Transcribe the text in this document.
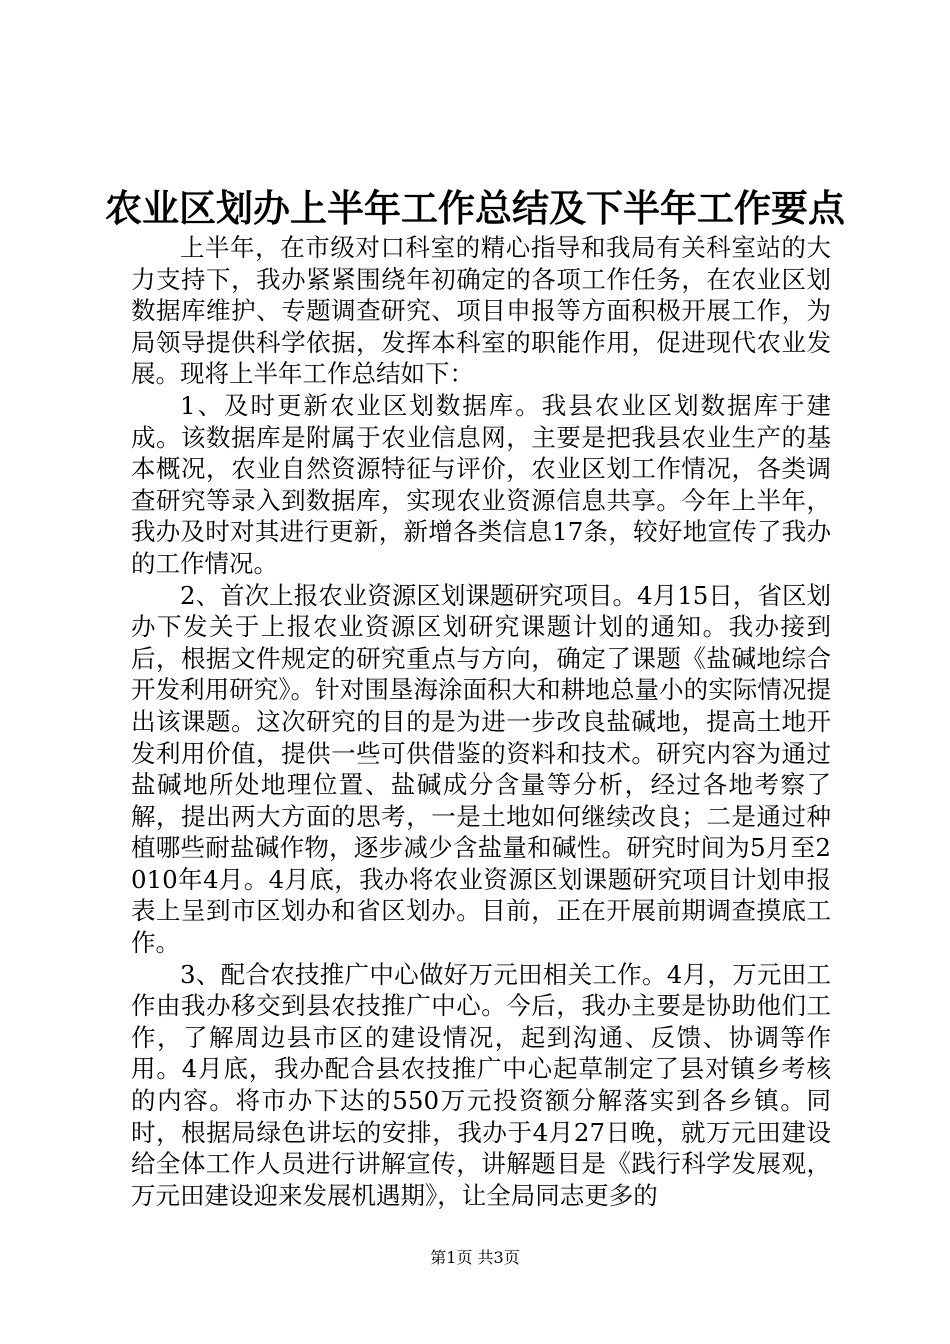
农业区划办上半年工作总结及下半年工作要点

上半年，在市级对口科室的精心指导和我局有关科室站的大力支持下，我办紧紧围绕年初确定的各项工作任务，在农业区划数据库维护、专题调查研究、项目申报等方面积极开展工作，为局领导提供科学依据，发挥本科室的职能作用，促进现代农业发展。现将上半年工作总结如下：

1、及时更新农业区划数据库。我县农业区划数据库于建成。该数据库是附属于农业信息网，主要是把我县农业生产的基本概况，农业自然资源特征与评价，农业区划工作情况，各类调查研究等录入到数据库，实现农业资源信息共享。今年上半年，我办及时对其进行更新，新增各类信息17条，较好地宣传了我办的工作情况。

2、首次上报农业资源区划课题研究项目。4月15日，省区划办下发关于上报农业资源区划研究课题计划的通知。我办接到后，根据文件规定的研究重点与方向，确定了课题《盐碱地综合开发利用研究》。针对围垦海涂面积大和耕地总量小的实际情况提出该课题。这次研究的目的是为进一步改良盐碱地，提高土地开发利用价值，提供一些可供借鉴的资料和技术。研究内容为通过盐碱地所处地理位置、盐碱成分含量等分析，经过各地考察了解，提出两大方面的思考，一是土地如何继续改良；二是通过种植哪些耐盐碱作物，逐步减少含盐量和碱性。研究时间为5月至2010年4月。4月底，我办将农业资源区划课题研究项目计划申报表上呈到市区划办和省区划办。目前，正在开展前期调查摸底工作。

3、配合农技推广中心做好万元田相关工作。4月，万元田工作由我办移交到县农技推广中心。今后，我办主要是协助他们工作，了解周边县市区的建设情况，起到沟通、反馈、协调等作用。4月底，我办配合县农技推广中心起草制定了县对镇乡考核的内容。将市办下达的550万元投资额分解落实到各乡镇。同时，根据局绿色讲坛的安排，我办于4月27日晚，就万元田建设给全体工作人员进行讲解宣传，讲解题目是《践行科学发展观，万元田建设迎来发展机遇期》，让全局同志更多的

第1页 共3页
